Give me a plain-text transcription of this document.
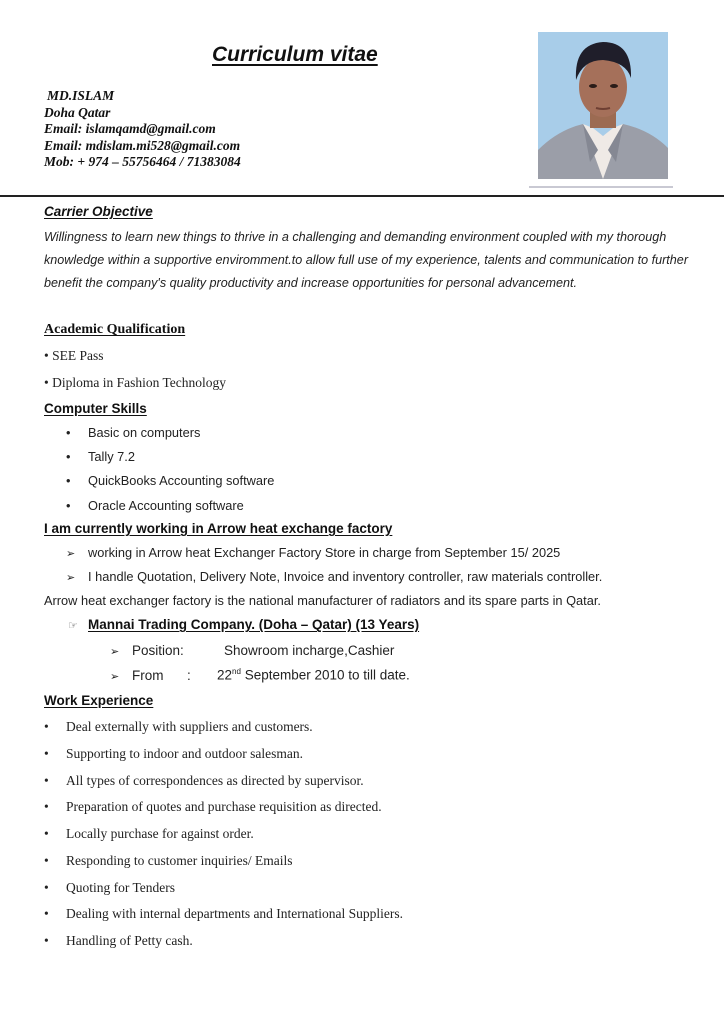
Curriculum vitae
MD.ISLAM
Doha Qatar
Email: islamqamd@gmail.com
Email: mdislam.mi528@gmail.com
Mob: + 974 – 55756464 / 71383084
Carrier Objective
Willingness to learn new things to thrive in a challenging and demanding environment coupled with my thorough knowledge within a supportive enviromment.to allow full use of my experience, talents and communication to further benefit the company's quality productivity and increase opportunities for personal advancement.
Academic Qualification
• SEE Pass
• Diploma in Fashion Technology
Computer Skills
• Basic on computers
• Tally 7.2
• QuickBooks Accounting software
• Oracle Accounting software
I am currently working in Arrow heat exchange factory
➢ working in Arrow heat Exchanger Factory Store in charge from September 15/ 2025
➢ I handle Quotation, Delivery Note, Invoice and inventory controller, raw materials controller.
Arrow heat exchanger factory is the national manufacturer of radiators and its spare parts in Qatar.
☞ Mannai Trading Company. (Doha – Qatar) (13 Years)
➢ Position:	Showroom incharge,Cashier
➢ From : 22nd September 2010 to till date.
Work Experience
• Deal externally with suppliers and customers.
• Supporting to indoor and outdoor salesman.
• All types of correspondences as directed by supervisor.
• Preparation of quotes and purchase requisition as directed.
• Locally purchase for against order.
• Responding to customer inquiries/ Emails
• Quoting for Tenders
• Dealing with internal departments and International Suppliers.
• Handling of Petty cash.
